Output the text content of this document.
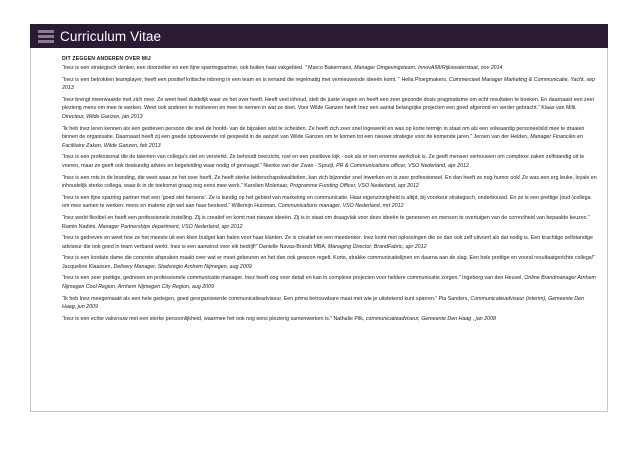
Curriculum Vitae
DIT ZEGGEN ANDEREN OVER MIJ

“Inez is een strategisch denker, een doorzetter en een fijne sparringpartner, ook buiten haar vakgebied. ” Marco Bakermans, Manager Omgevingsteam, InnovA58/Rijkswaterstaat, nov 2014

“Inez is een betrokken teamplayer, heeft een positief kritische inbreng in een team en is iemand die regelmatig met vernieuwende ideeën komt. ” Hella Ploegmakers, Commercieel Manager Marketing & Communicatie, Yacht, sep 2013

“Inez brengt meerwaarde met zich mee. Ze weet heel duidelijk waar ze het over heeft. Heeft veel inhoud, stelt de juiste vragen en heeft een zeer gezonde dosis pragmatisme om echt resultaten te boeken. En daarnaast een zeer plezierig mens om mee te werken. Weet ook anderen te motiveren en mee te nemen in wat ze doet. Voor Wilde Ganzen heeft Inez een aantal belangrijke projecten een goed afgerond en verder gebracht.” Klaas van Milli, Directeur, Wilde Ganzen, jan 2013

“Ik heb Inez leren kennen als een gedreven persoon die snel de hoofd- van de bijzaken wist te scheiden. Ze heeft zich zeer snel ingewerkt en was op korte termijn in staat om als een volwaardig personeelslid mee te draaien binnen de organisatie. Daarnaast heeft zij een goede opbouwende rol gespeeld in de aanzet van Wilde Ganzen om te komen tot een nieuwe strategie voor de komende jaren.” Jeroen van der Helden, Manager Financiën en Facilitaire Zaken, Wilde Ganzen, feb 2013

“Inez is een professional die de talenten van collega’s ziet en versterkt. Ze behoudt overzicht, rust en een positieve kijk - ook als er een enorme werkdruk is. Ze geeft mensen vertrouwen om complexe zaken zelfstandig uit te voeren, maar ze geeft ook deskundig advies en begeleiding waar nodig of gevraagd.” Nienke van der Zwan - Spruijt, PR & Communications officer, VSO Nederland, apr 2012

“Inez is een rots in de branding, die weet waar ze het over heeft. Ze heeft sterke leiderschapskwaliteiten, kan zich bijzonder snel inwerken en is zeer professioneel. En dan heeft ze nog humor ook! Ze was een erg leuke, loyale en inhoudelijk sterke collega, waar ik in de toekomst graag nog eens mee werk.” Karolien Molenaar, Programme Funding Officer, VSO Nederland, apr 2012

“Inez is een fijne sparring partner met een ‘goed stel hersens’. Ze is kundig op het gebied van marketing en communicatie. Haar eigenzinnigheid is altijd, bij voorkeur strategisch, onderbouwd. En ze is een prettige (oud-)collega om mee samen te werken: mens en materie zijn wel aan haar besteed.” Willemijn Huisman, Communications manager, VSO Nederland, mrt 2012

“Inez werkt flexibel en heeft een professionele instelling. Zij is creatief en komt met nieuwe ideeën. Zij is in staat om draagvlak voor deze ideeën te genereren en mensen te overtuigen van de correctheid van bepaalde keuzes.” Ramin Nadimi, Manager Partnerships department, VSO Nederland, apr 2012

“Inez is gedreven en weet hoe ze het meeste uit een klein budget kan halen voor haar klanten. Ze is creatief en een meedenker. Inez komt met oplossingen die ze dan ook zelf uitvoert als dat nodig is. Een krachtige zelfstandige adviseur die ook goed in team verband werkt. Inez is een aanwinst voor elk bedrijf!” Danielle Navas-Brandt MBA, Managing Director, BrandFabric, apr 2012

“Inez is een kordate dame die concrete afspraken maakt over wat er moet gebeuren en het dan ook gewoon regelt. Korte, strakke communicatielijnen en daarna aan de slag. Een hele prettige en vooral resultaatgerichte collega!” Jacqueline Klaassen, Delivery Manager, Stadsregio Arnhem Nijmegen, aug 2009

“Inez is een zeer prettige, gedreven en professionele communicatie manager. Inez heeft oog voor detail en kan in complexe projecten voor heldere communicatie zorgen.” Ingeborg van den Heuvel, Online Brandmanager Arnhem Nijmegen Cool Region, Arnhem Nijmegen City Region, aug 2009

“Ik heb Inez meegemaakt als een hele gedegen, goed georganiseerde communicatieadviseur. Een prima betrouwbare maat met wie je uitstekend kunt sparren.” Pia Sanders, Communicatieadviseur (interim), Gemeente Den Haag, jun 2009

“Inez is een echte vakvrouw met een sterke persoonlijkheid, waarmee het ook nog eens plezierig samenwerken is.” Nathalie Pilk, communicatieadviseur, Gemeente Den Haag , jan 2008
